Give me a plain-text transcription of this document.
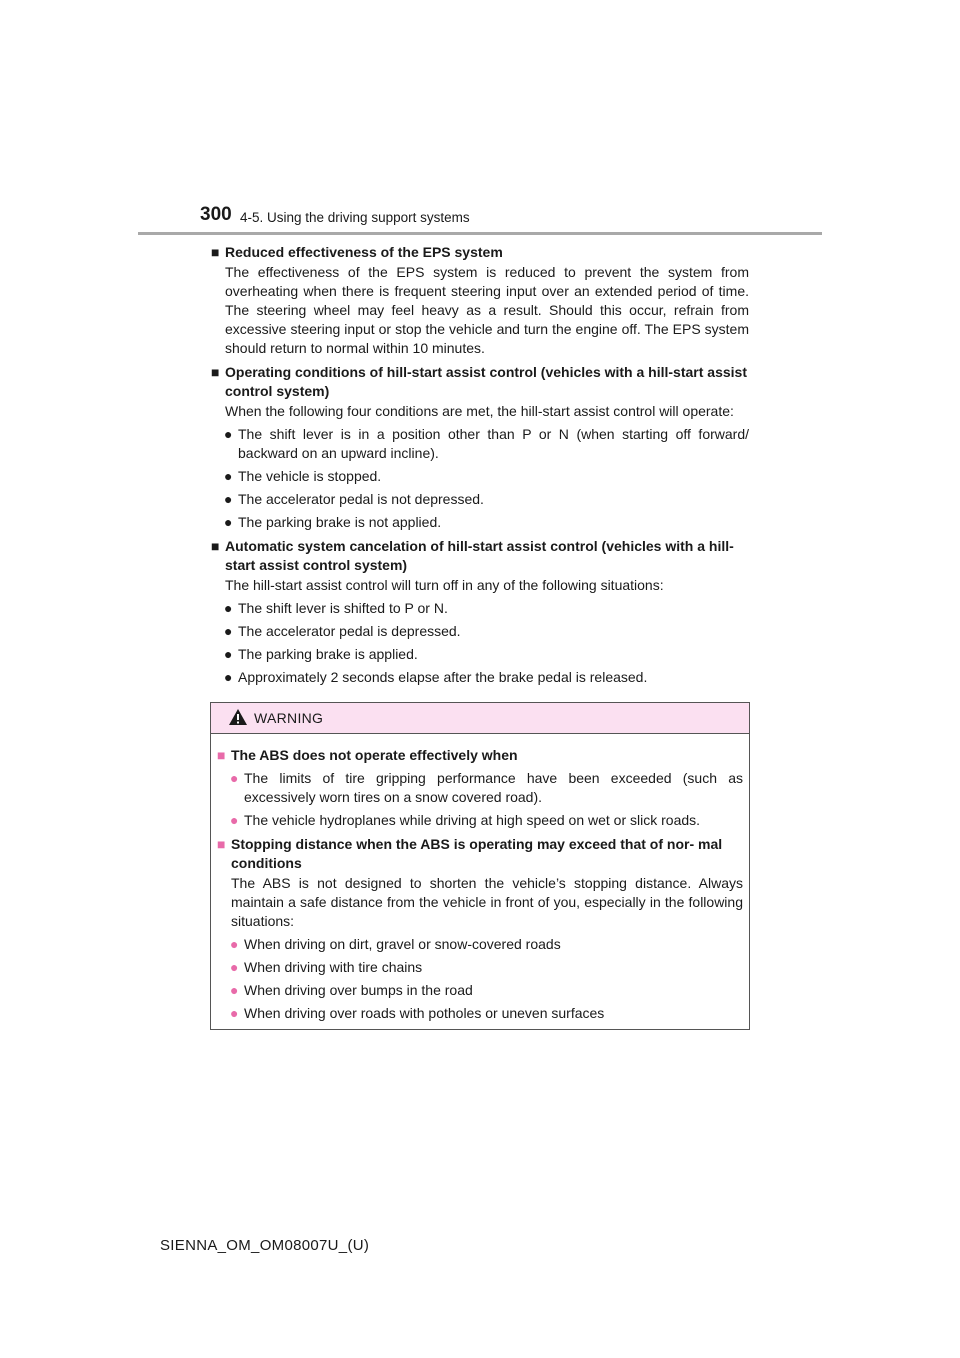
300 4-5. Using the driving support systems
■ Reduced effectiveness of the EPS system
The effectiveness of the EPS system is reduced to prevent the system from overheating when there is frequent steering input over an extended period of time. The steering wheel may feel heavy as a result. Should this occur, refrain from excessive steering input or stop the vehicle and turn the engine off. The EPS system should return to normal within 10 minutes.
■ Operating conditions of hill-start assist control (vehicles with a hill-start assist control system)
When the following four conditions are met, the hill-start assist control will operate:
● The shift lever is in a position other than P or N (when starting off forward/ backward on an upward incline).
● The vehicle is stopped.
● The accelerator pedal is not depressed.
● The parking brake is not applied.
■ Automatic system cancelation of hill-start assist control (vehicles with a hill-start assist control system)
The hill-start assist control will turn off in any of the following situations:
● The shift lever is shifted to P or N.
● The accelerator pedal is depressed.
● The parking brake is applied.
● Approximately 2 seconds elapse after the brake pedal is released.
WARNING
■ The ABS does not operate effectively when
● The limits of tire gripping performance have been exceeded (such as excessively worn tires on a snow covered road).
● The vehicle hydroplanes while driving at high speed on wet or slick roads.
■ Stopping distance when the ABS is operating may exceed that of nor- mal conditions
The ABS is not designed to shorten the vehicle’s stopping distance. Always maintain a safe distance from the vehicle in front of you, especially in the following situations:
● When driving on dirt, gravel or snow-covered roads
● When driving with tire chains
● When driving over bumps in the road
● When driving over roads with potholes or uneven surfaces
SIENNA_OM_OM08007U_(U)
